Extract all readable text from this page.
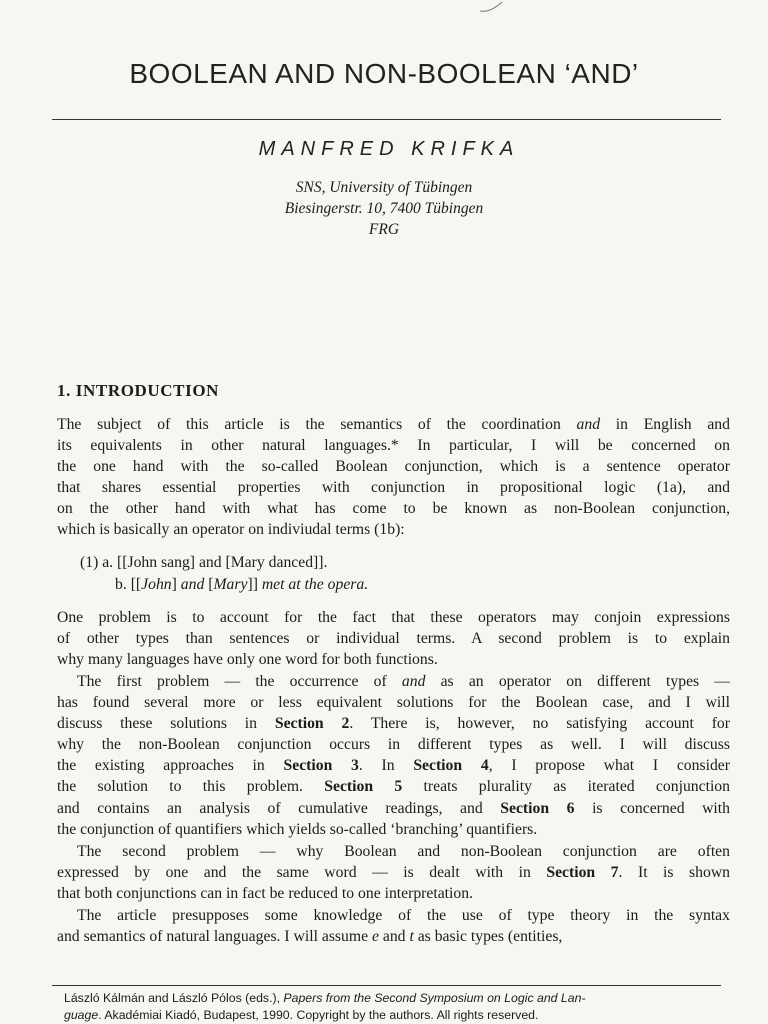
BOOLEAN AND NON-BOOLEAN ‘AND’
MANFRED KRIFKA
SNS, University of Tübingen
Biesingerstr. 10, 7400 Tübingen
FRG
1. INTRODUCTION
The subject of this article is the semantics of the coordination and in English and
its equivalents in other natural languages.* In particular, I will be concerned on
the one hand with the so-called Boolean conjunction, which is a sentence operator
that shares essential properties with conjunction in propositional logic (1a), and
on the other hand with what has come to be known as non-Boolean conjunction,
which is basically an operator on indiviudal terms (1b):
(1) a. [[John sang] and [Mary danced]].
b. [[John] and [Mary]] met at the opera.
One problem is to account for the fact that these operators may conjoin expressions
of other types than sentences or individual terms. A second problem is to explain
why many languages have only one word for both functions.
The first problem — the occurrence of and as an operator on different types —
has found several more or less equivalent solutions for the Boolean case, and I will
discuss these solutions in Section 2. There is, however, no satisfying account for
why the non-Boolean conjunction occurs in different types as well. I will discuss
the existing approaches in Section 3. In Section 4, I propose what I consider
the solution to this problem. Section 5 treats plurality as iterated conjunction
and contains an analysis of cumulative readings, and Section 6 is concerned with
the conjunction of quantifiers which yields so-called ‘branching’ quantifiers.
The second problem — why Boolean and non-Boolean conjunction are often
expressed by one and the same word — is dealt with in Section 7. It is shown
that both conjunctions can in fact be reduced to one interpretation.
The article presupposes some knowledge of the use of type theory in the syntax
and semantics of natural languages. I will assume e and t as basic types (entities,
László Kálmán and László Pólos (eds.), Papers from the Second Symposium on Logic and Lan-
guage. Akadémiai Kiadó, Budapest, 1990. Copyright by the authors. All rights reserved.
